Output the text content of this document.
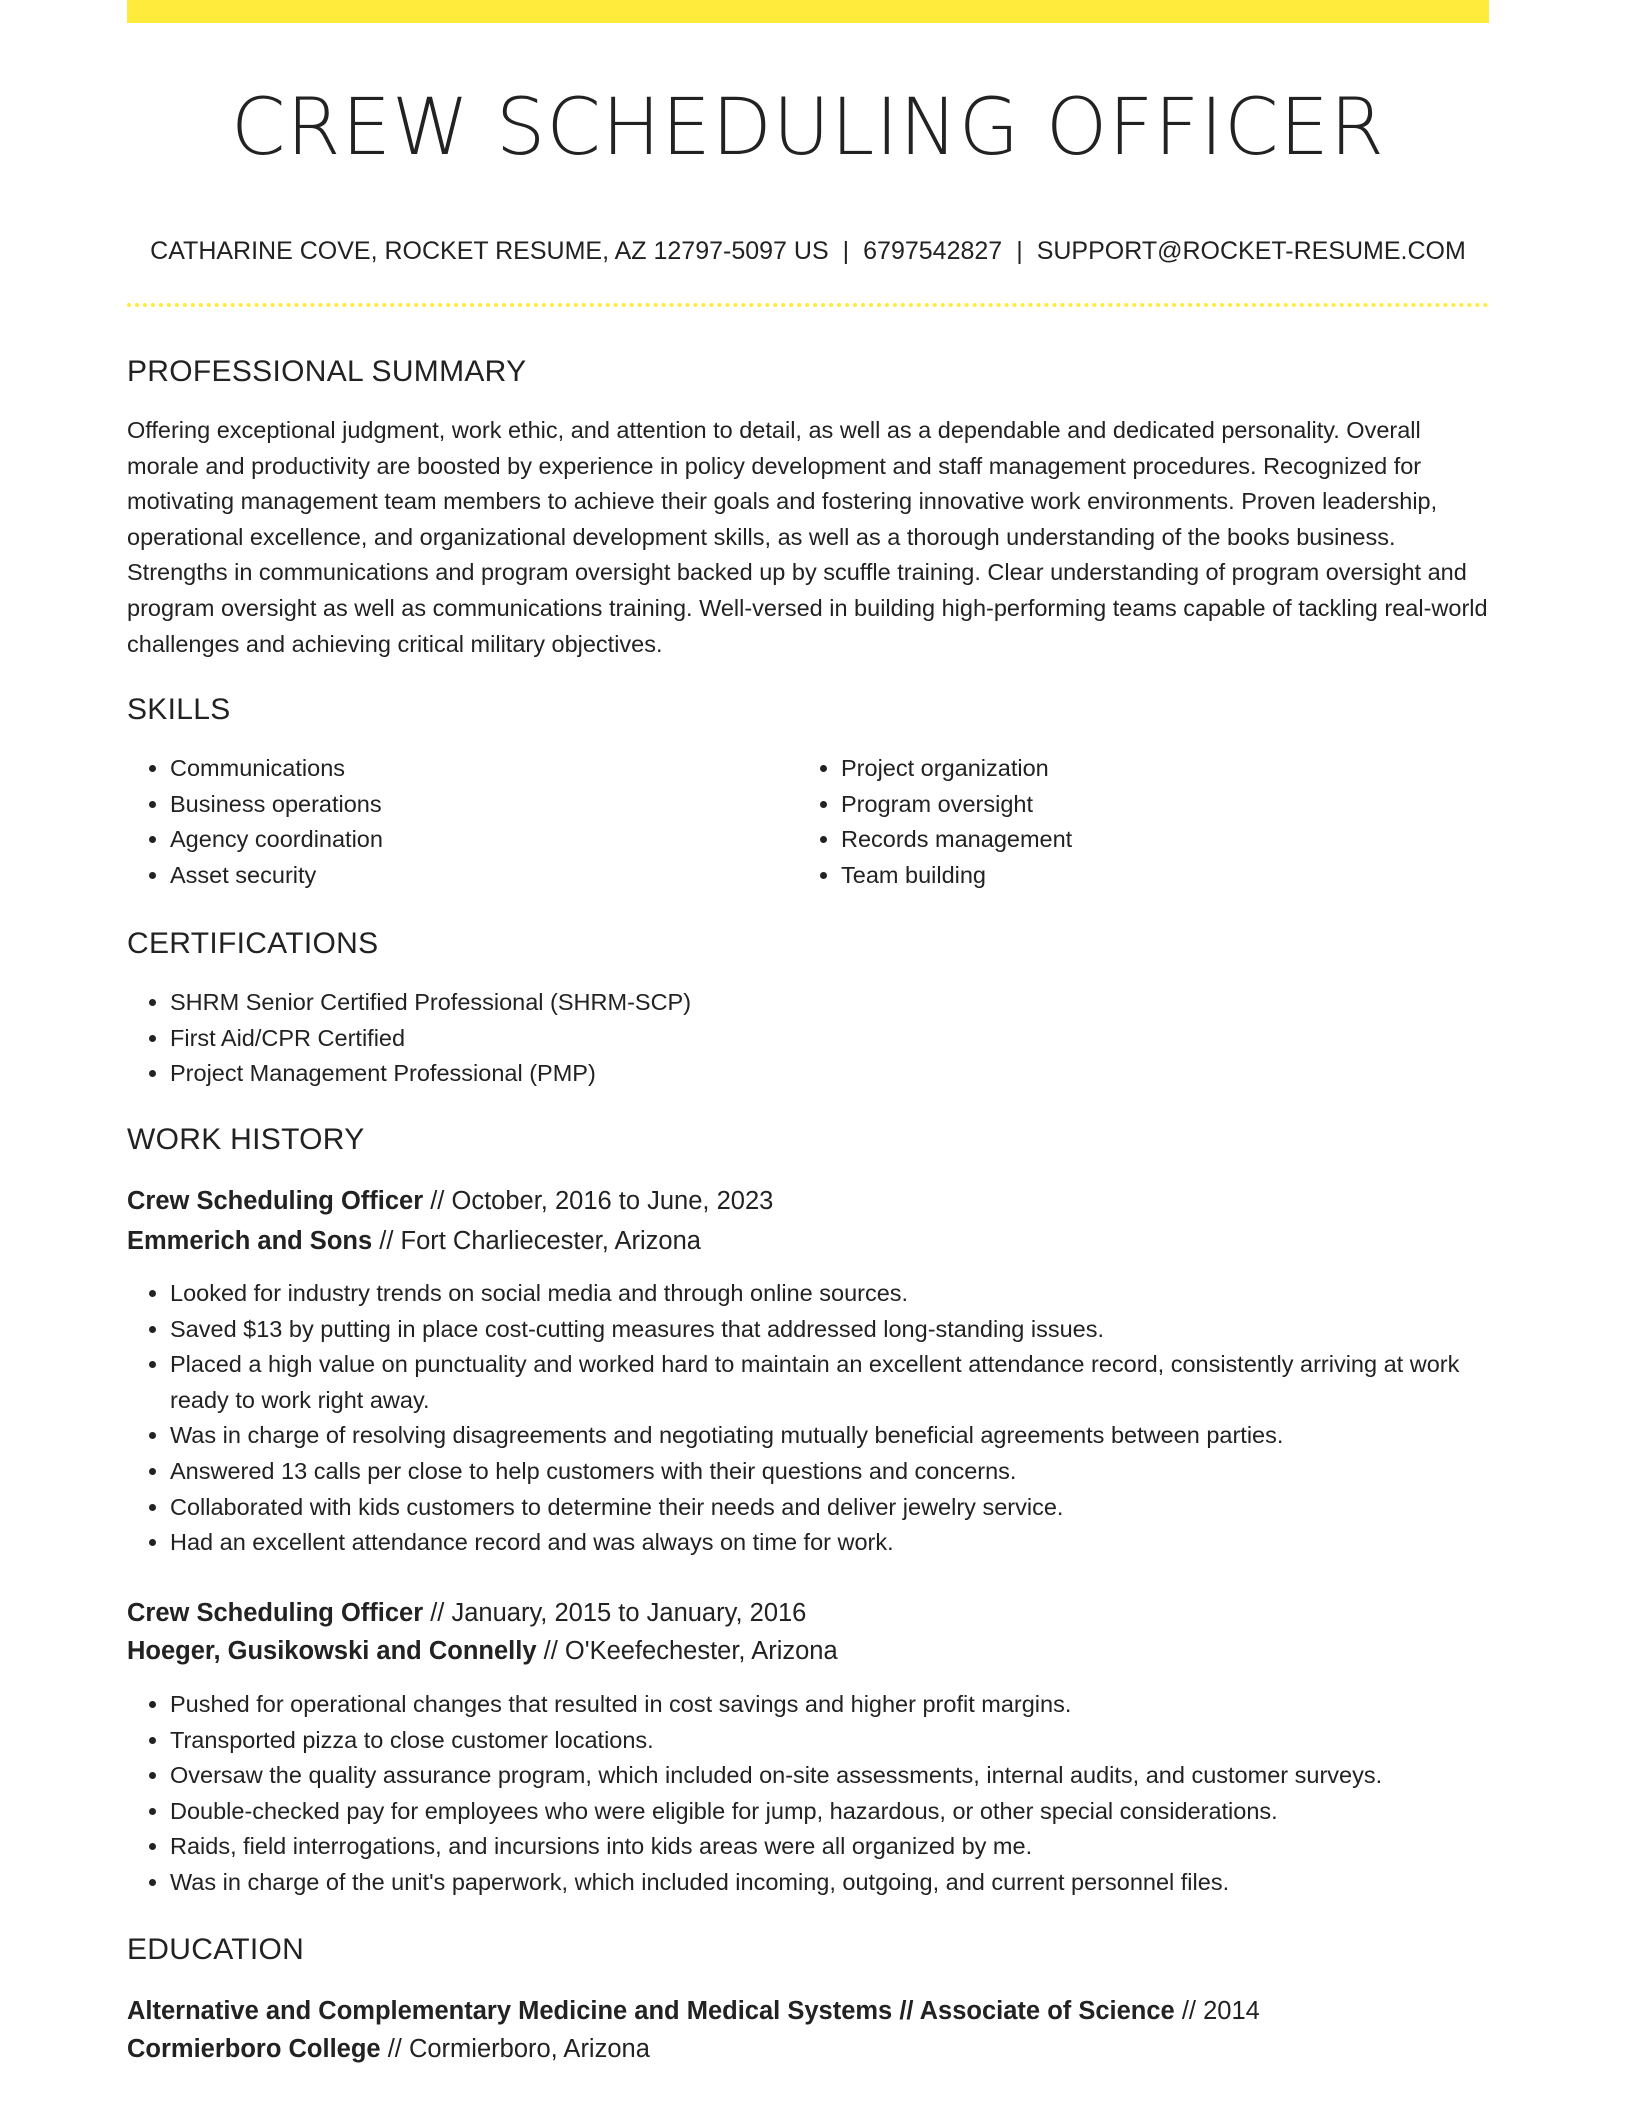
CREW SCHEDULING OFFICER
CATHARINE COVE, ROCKET RESUME, AZ 12797-5097 US | 6797542827 | SUPPORT@ROCKET-RESUME.COM
PROFESSIONAL SUMMARY

Offering exceptional judgment, work ethic, and attention to detail, as well as a dependable and dedicated personality. Overall morale and productivity are boosted by experience in policy development and staff management procedures. Recognized for motivating management team members to achieve their goals and fostering innovative work environments. Proven leadership, operational excellence, and organizational development skills, as well as a thorough understanding of the books business. Strengths in communications and program oversight backed up by scuffle training. Clear understanding of program oversight and program oversight as well as communications training. Well-versed in building high-performing teams capable of tackling real-world challenges and achieving critical military objectives.

SKILLS
• Communications
• Business operations
• Agency coordination
• Asset security
• Project organization
• Program oversight
• Records management
• Team building
CERTIFICATIONS
• SHRM Senior Certified Professional (SHRM-SCP)
• First Aid/CPR Certified
• Project Management Professional (PMP)
WORK HISTORY
Crew Scheduling Officer // October, 2016 to June, 2023
Emmerich and Sons // Fort Charliecester, Arizona
• Looked for industry trends on social media and through online sources.
• Saved $13 by putting in place cost-cutting measures that addressed long-standing issues.
• Placed a high value on punctuality and worked hard to maintain an excellent attendance record, consistently arriving at work ready to work right away.
• Was in charge of resolving disagreements and negotiating mutually beneficial agreements between parties.
• Answered 13 calls per close to help customers with their questions and concerns.
• Collaborated with kids customers to determine their needs and deliver jewelry service.
• Had an excellent attendance record and was always on time for work.
Crew Scheduling Officer // January, 2015 to January, 2016
Hoeger, Gusikowski and Connelly // O'Keefechester, Arizona
• Pushed for operational changes that resulted in cost savings and higher profit margins.
• Transported pizza to close customer locations.
• Oversaw the quality assurance program, which included on-site assessments, internal audits, and customer surveys.
• Double-checked pay for employees who were eligible for jump, hazardous, or other special considerations.
• Raids, field interrogations, and incursions into kids areas were all organized by me.
• Was in charge of the unit's paperwork, which included incoming, outgoing, and current personnel files.
EDUCATION
Alternative and Complementary Medicine and Medical Systems // Associate of Science // 2014
Cormierboro College // Cormierboro, Arizona
